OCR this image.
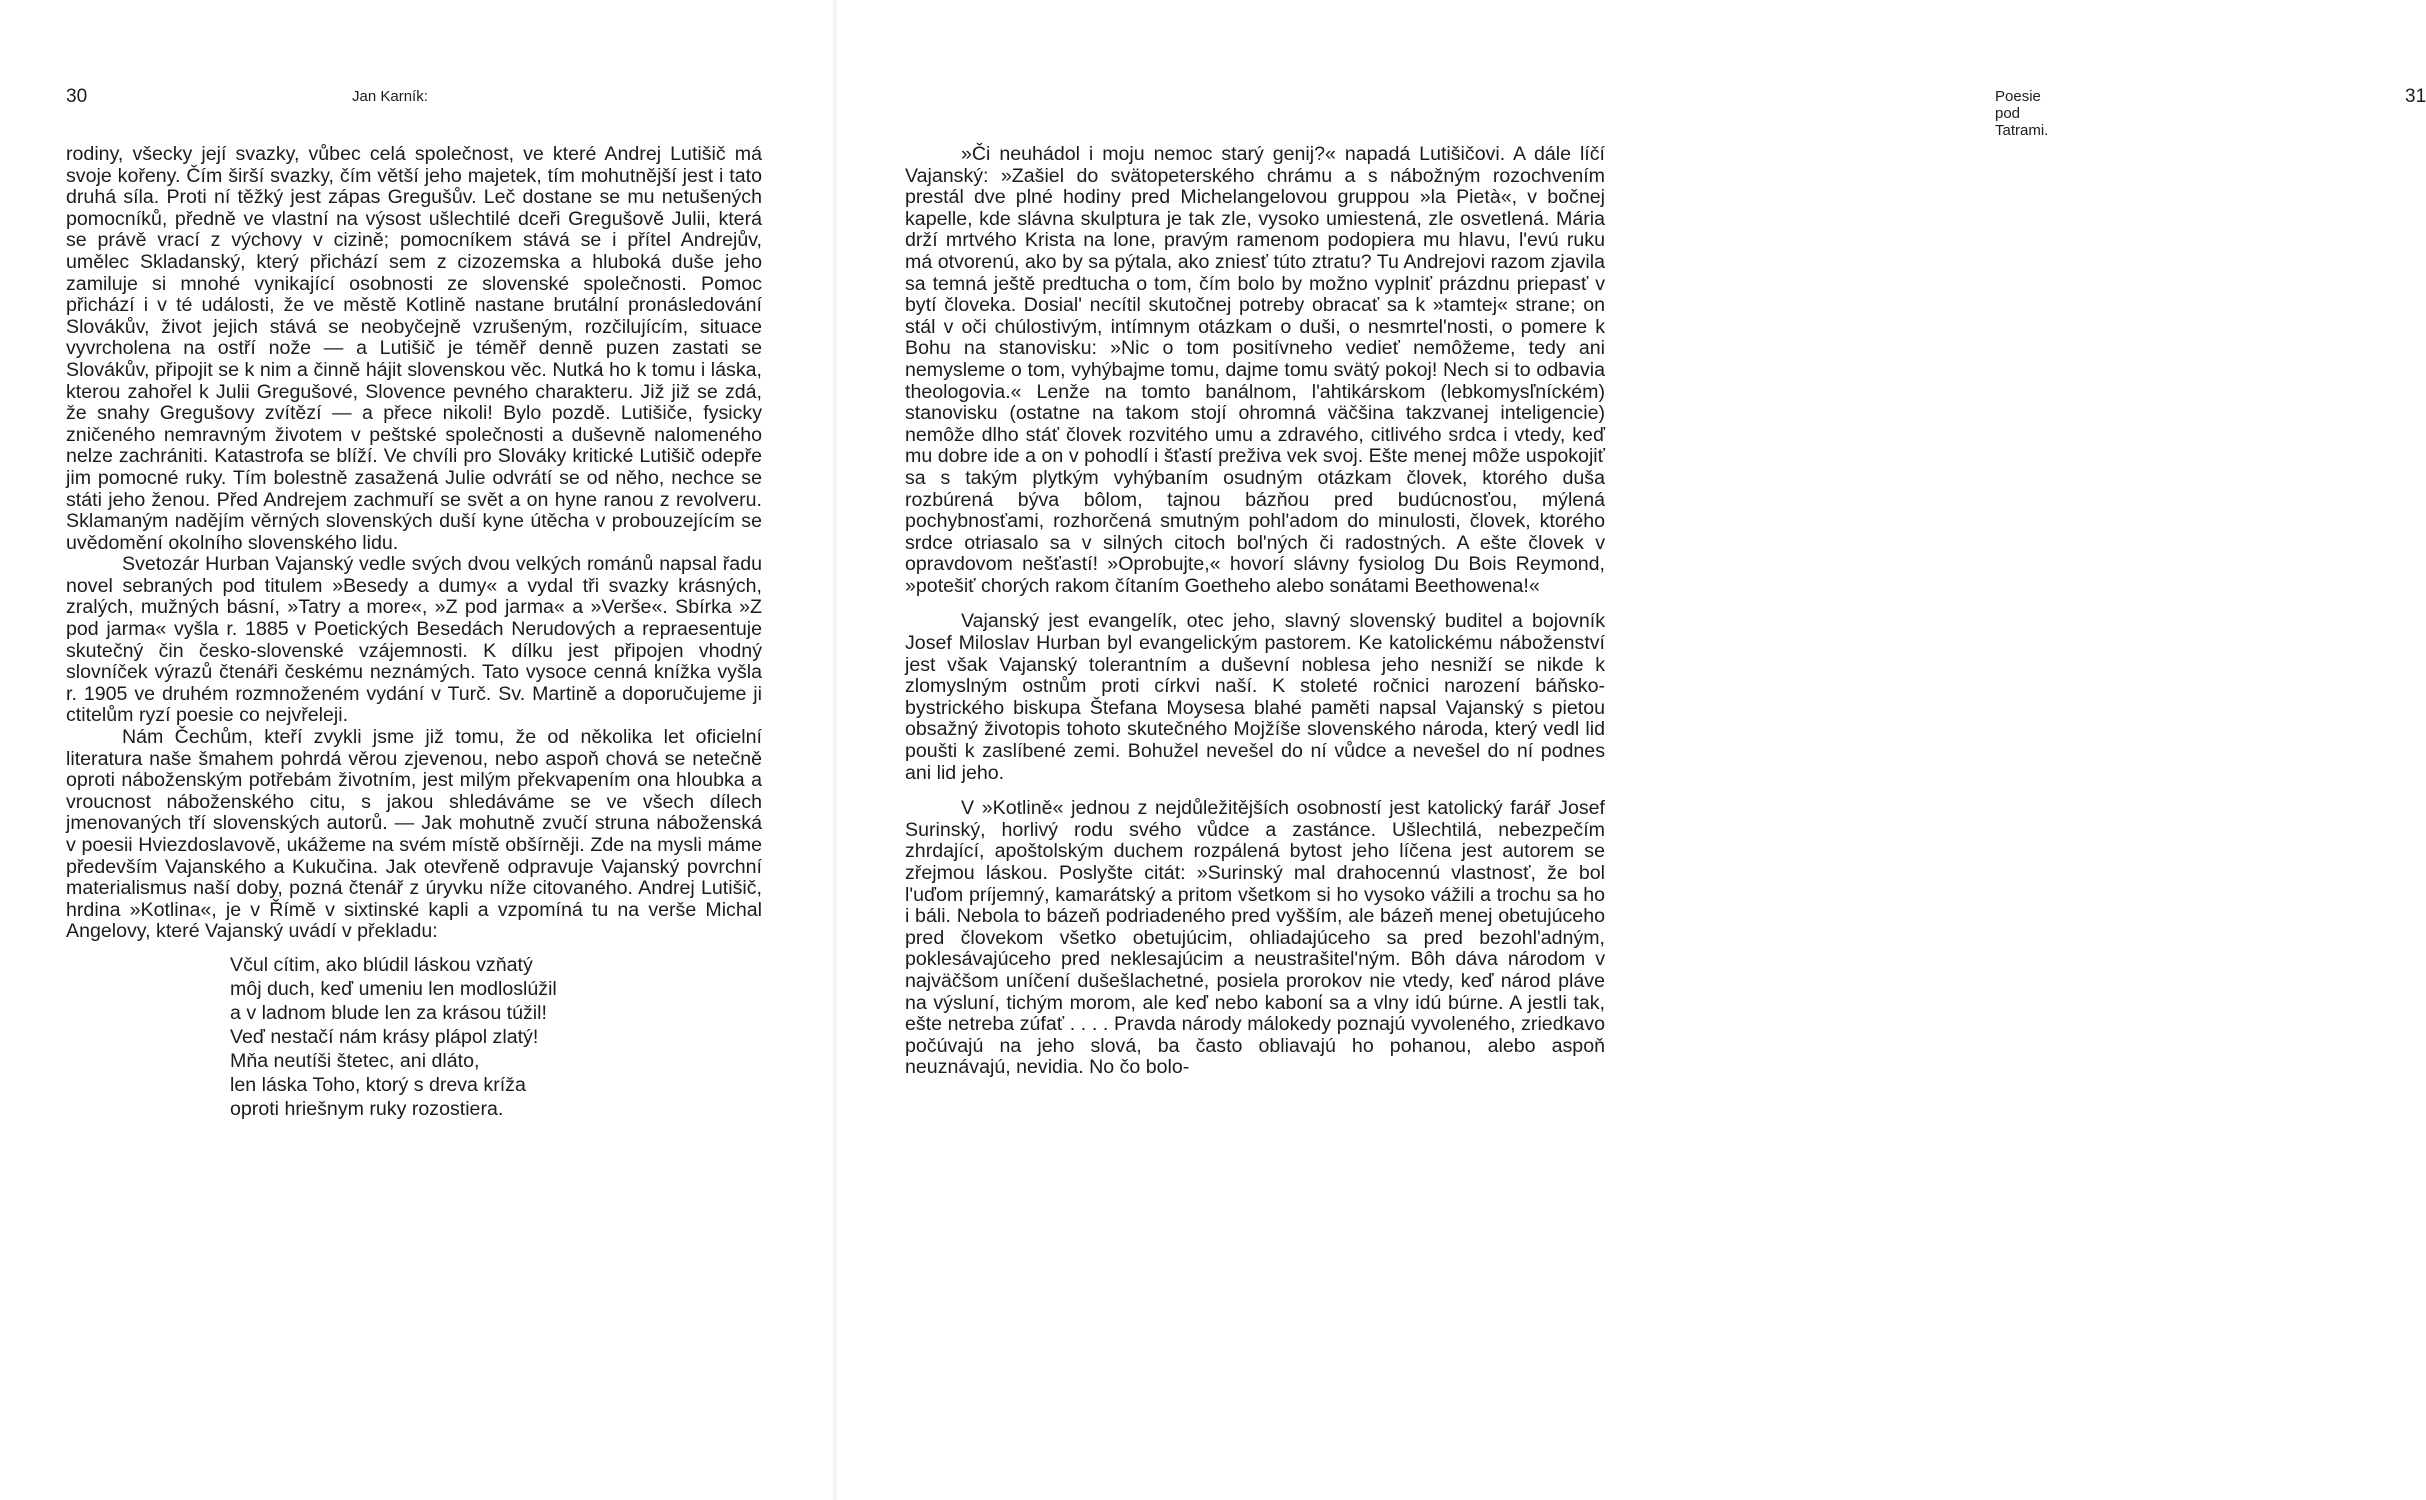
30	Jan Karník:

rodiny, všecky její svazky, vůbec celá společnost, ve které Andrej Lutišič má svoje kořeny. Čím širší svazky, čím větší jeho majetek, tím mohutnější jest i tato druhá síla. Proti ní těžký jest zápas Gregušův. Leč dostane se mu netušených pomocníků, předně ve vlastní na výsost ušlechtilé dceři Gregušově Julii, která se právě vrací z výchovy v cizině; pomocníkem stává se i přítel Andrejův, umělec Skladanský, který přichází sem z cizozemska a hluboká duše jeho zamiluje si mnohé vynikající osobnosti ze slovenské společnosti. Pomoc přichází i v té události, že ve městě Kotlině nastane brutální pronásledování Slovákův, život jejich stává se neobyčejně vzrušeným, rozčilujícím, situace vyvrcholena na ostří nože — a Lutišič je téměř denně puzen zastati se Slovákův, připojit se k nim a činně hájit slovenskou věc. Nutká ho k tomu i láska, kterou zahořel k Julii Gregušové, Slovence pevného charakteru. Již již se zdá, že snahy Gregušovy zvítězí — a přece nikoli! Bylo pozdě. Lutišiče, fysicky zničeného nemravným životem v peštské společnosti a duševně nalomeného nelze zachrániti. Katastrofa se blíží. Ve chvíli pro Slováky kritické Lutišič odepře jim pomocné ruky. Tím bolestně zasažená Julie odvrátí se od něho, nechce se státi jeho ženou. Před Andrejem zachmuří se svět a on hyne ranou z revolveru. Sklamaným nadějím věrných slovenských duší kyne útěcha v probouzejícím se uvědomění okolního slovenského lidu.

Svetozár Hurban Vajanský vedle svých dvou velkých románů napsal řadu novel sebraných pod titulem »Besedy a dumy« a vydal tři svazky krásných, zralých, mužných básní, »Tatry a more«, »Z pod jarma« a »Verše«. Sbírka »Z pod jarma« vyšla r. 1885 v Poetických Besedách Nerudových a repraesentuje skutečný čin česko-slovenské vzájemnosti. K dílku jest připojen vhodný slovníček výrazů čtenáři českému neznámých. Tato vysoce cenná knížka vyšla r. 1905 ve druhém rozmnoženém vydání v Turč. Sv. Martině a doporučujeme ji ctitelům ryzí poesie co nejvřeleji.

Nám Čechům, kteří zvykli jsme již tomu, že od několika let oficielní literatura naše šmahem pohrdá věrou zjevenou, nebo aspoň chová se netečně oproti náboženským potřebám životním, jest milým překvapením ona hloubka a vroucnost náboženského citu, s jakou shledáváme se ve všech dílech jmenovaných tří slovenských autorů. — Jak mohutně zvučí struna náboženská v poesii Hviezdoslavově, ukážeme na svém místě obšírněji. Zde na mysli máme především Vajanského a Kukučina. Jak otevřeně odpravuje Vajanský povrchní materialismus naší doby, pozná čtenář z úryvku níže citovaného. Andrej Lutišič, hrdina »Kotlina«, je v Římě v sixtinské kapli a vzpomíná tu na verše Michal Angelovy, které Vajanský uvádí v překladu:

Včul cítim, ako blúdil láskou vzňatý
môj duch, keď umeniu len modloslúžil
a v ladnom blude len za krásou túžil!
Veď nestačí nám krásy plápol zlatý!
Mňa neutíši štetec, ani dláto,
len láska Toho, ktorý s dreva kríža
oproti hriešnym ruky rozostiera.
Poesie pod Tatrami.
31

»Či neuhádol i moju nemoc starý genij?« napadá Lutišičovi. A dále líčí Vajanský: »Zašiel do svätopeterského chrámu a s nábožným rozochvením prestál dve plné hodiny pred Michelangelovou gruppou »la Pietà«, v bočnej kapelle, kde slávna skulptura je tak zle, vysoko umiestená, zle osvetlená. Mária drží mrtvého Krista na lone, pravým ramenom podopiera mu hlavu, l'evú ruku má otvorenú, ako by sa pýtala, ako zniesť túto ztratu? Tu Andrejovi razom zjavila sa temná ještě predtucha o tom, čím bolo by možno vyplniť prázdnu priepasť v bytí človeka. Dosial' necítil skutočnej potreby obracať sa k »tamtej« strane; on stál v oči chúlostivým, intímnym otázkam o duši, o nesmrtel'nosti, o pomere k Bohu na stanovisku: »Nic o tom positívneho vedieť nemôžeme, tedy ani nemysleme o tom, vyhýbajme tomu, dajme tomu svätý pokoj! Nech si to odbavia theologovia.« Lenže na tomto banálnom, l'ahtikárskom (lebkomysľníckém) stanovisku (ostatne na takom stojí ohromná väčšina takzvanej inteligencie) nemôže dlho stáť človek rozvitého umu a zdravého, citlivého srdca i vtedy, keď mu dobre ide a on v pohodlí i šťastí preživa vek svoj. Ešte menej môže uspokojiť sa s takým plytkým vyhýbaním osudným otázkam človek, ktorého duša rozbúrená býva bôlom, tajnou bázňou pred budúcnosťou, mýlená pochybnosťami, rozhorčená smutným pohl'adom do minulosti, človek, ktorého srdce otriasalo sa v silných citoch bol'ných či radostných. A ešte človek v opravdovom nešťastí! »Oprobujte,« hovorí slávny fysiolog Du Bois Reymond, »potešiť chorých rakom čítaním Goetheho alebo sonátami Beethowena!«

Vajanský jest evangelík, otec jeho, slavný slovenský buditel a bojovník Josef Miloslav Hurban byl evangelickým pastorem. Ke katolickému náboženství jest však Vajanský tolerantním a duševní noblesa jeho nesniží se nikde k zlomyslným ostnům proti církvi naší. K stoleté ročnici narození báňsko-bystrického biskupa Štefana Moysesa blahé paměti napsal Vajanský s pietou obsažný životopis tohoto skutečného Mojžíše slovenského národa, který vedl lid poušti k zaslíbené zemi. Bohužel nevešel do ní vůdce a nevešel do ní podnes ani lid jeho.

V »Kotlině« jednou z nejdůležitějších osobností jest katolický farář Josef Surinský, horlivý rodu svého vůdce a zastánce. Ušlechtilá, nebezpečím zhrdající, apoštolským duchem rozpálená bytost jeho líčena jest autorem se zřejmou láskou. Poslyšte citát: »Surinský mal drahocennú vlastnosť, že bol l'uďom príjemný, kamarátský a pritom všetkom si ho vysoko vážili a trochu sa ho i báli. Nebola to bázeň podriadeného pred vyšším, ale bázeň menej obetujúceho pred človekom všetko obetujúcim, ohliadajúceho sa pred bezohl'adným, poklesávajúceho pred neklesajúcim a neustrašitel'ným. Bôh dáva národom v najväčšom uníčení dušešlachetné, posiela prorokov nie vtedy, keď národ pláve na výsluní, tichým morom, ale keď nebo kabonί sa a vlny idú búrne. A jestli tak, ešte netreba zúfať . . . . Pravda národy málokedy poznajú vyvoleného, zriedkavo počúvajú na jeho slová, ba často obliavajú ho pohanou, alebo aspoň neuznávajú, nevidia. No čo bolo-
